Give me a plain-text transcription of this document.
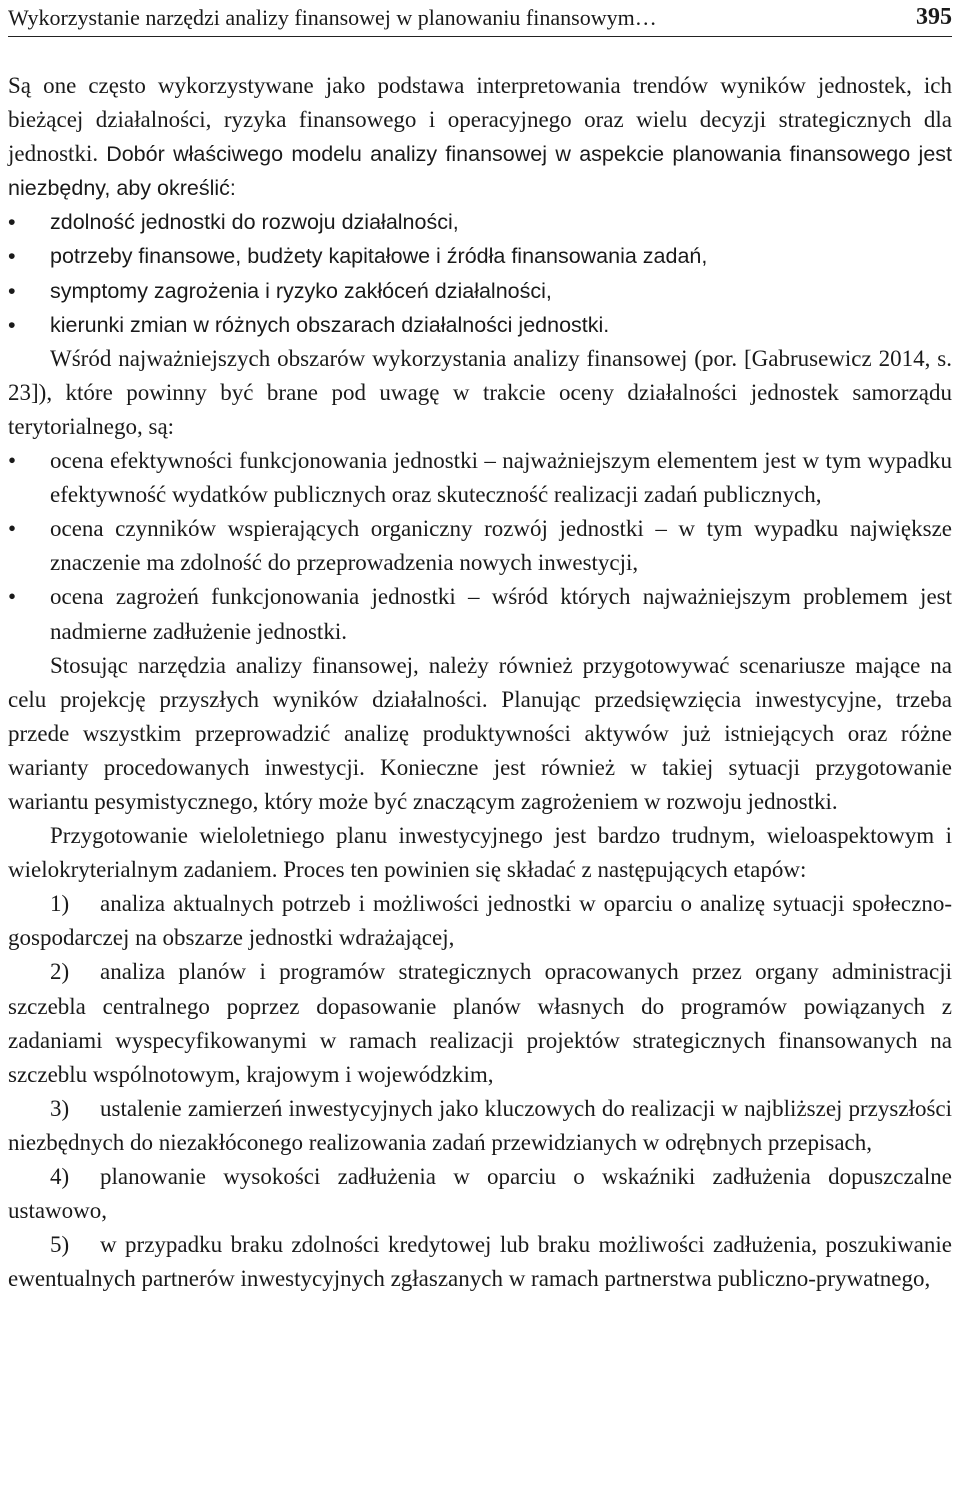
Wykorzystanie narzędzi analizy finansowej w planowaniu finansowym…	395

Są one często wykorzystywane jako podstawa interpretowania trendów wyników jednostek, ich bieżącej działalności, ryzyka finansowego i operacyjnego oraz wielu decyzji strategicznych dla jednostki. Dobór właściwego modelu analizy finansowej w aspekcie planowania finansowego jest niezbędny, aby określić:

• zdolność jednostki do rozwoju działalności,
• potrzeby finansowe, budżety kapitałowe i źródła finansowania zadań,
• symptomy zagrożenia i ryzyko zakłóceń działalności,
• kierunki zmian w różnych obszarach działalności jednostki.

Wśród najważniejszych obszarów wykorzystania analizy finansowej (por. [Gabrusewicz 2014, s. 23]), które powinny być brane pod uwagę w trakcie oceny działalności jednostek samorządu terytorialnego, są:

• ocena efektywności funkcjonowania jednostki – najważniejszym elementem jest w tym wypadku efektywność wydatków publicznych oraz skuteczność realizacji zadań publicznych,
• ocena czynników wspierających organiczny rozwój jednostki – w tym wypadku największe znaczenie ma zdolność do przeprowadzenia nowych inwestycji,
• ocena zagrożeń funkcjonowania jednostki – wśród których najważniejszym problemem jest nadmierne zadłużenie jednostki.

Stosując narzędzia analizy finansowej, należy również przygotowywać scenariusze mające na celu projekcję przyszłych wyników działalności. Planując przedsięwzięcia inwestycyjne, trzeba przede wszystkim przeprowadzić analizę produktywności aktywów już istniejących oraz różne warianty procedowanych inwestycji. Konieczne jest również w takiej sytuacji przygotowanie wariantu pesymistycznego, który może być znaczącym zagrożeniem w rozwoju jednostki.

Przygotowanie wieloletniego planu inwestycyjnego jest bardzo trudnym, wieloaspektowym i wielokryterialnym zadaniem. Proces ten powinien się składać z następujących etapów:

1) analiza aktualnych potrzeb i możliwości jednostki w oparciu o analizę sytuacji społeczno-gospodarczej na obszarze jednostki wdrażającej,
2) analiza planów i programów strategicznych opracowanych przez organy administracji szczebla centralnego poprzez dopasowanie planów własnych do programów powiązanych z zadaniami wyspecyfikowanymi w ramach realizacji projektów strategicznych finansowanych na szczeblu wspólnotowym, krajowym i wojewódzkim,
3) ustalenie zamierzeń inwestycyjnych jako kluczowych do realizacji w najbliższej przyszłości niezbędnych do niezakłóconego realizowania zadań przewidzianych w odrębnych przepisach,
4) planowanie wysokości zadłużenia w oparciu o wskaźniki zadłużenia dopuszczalne ustawowo,
5) w przypadku braku zdolności kredytowej lub braku możliwości zadłużenia, poszukiwanie ewentualnych partnerów inwestycyjnych zgłaszanych w ramach partnerstwa publiczno-prywatnego,
